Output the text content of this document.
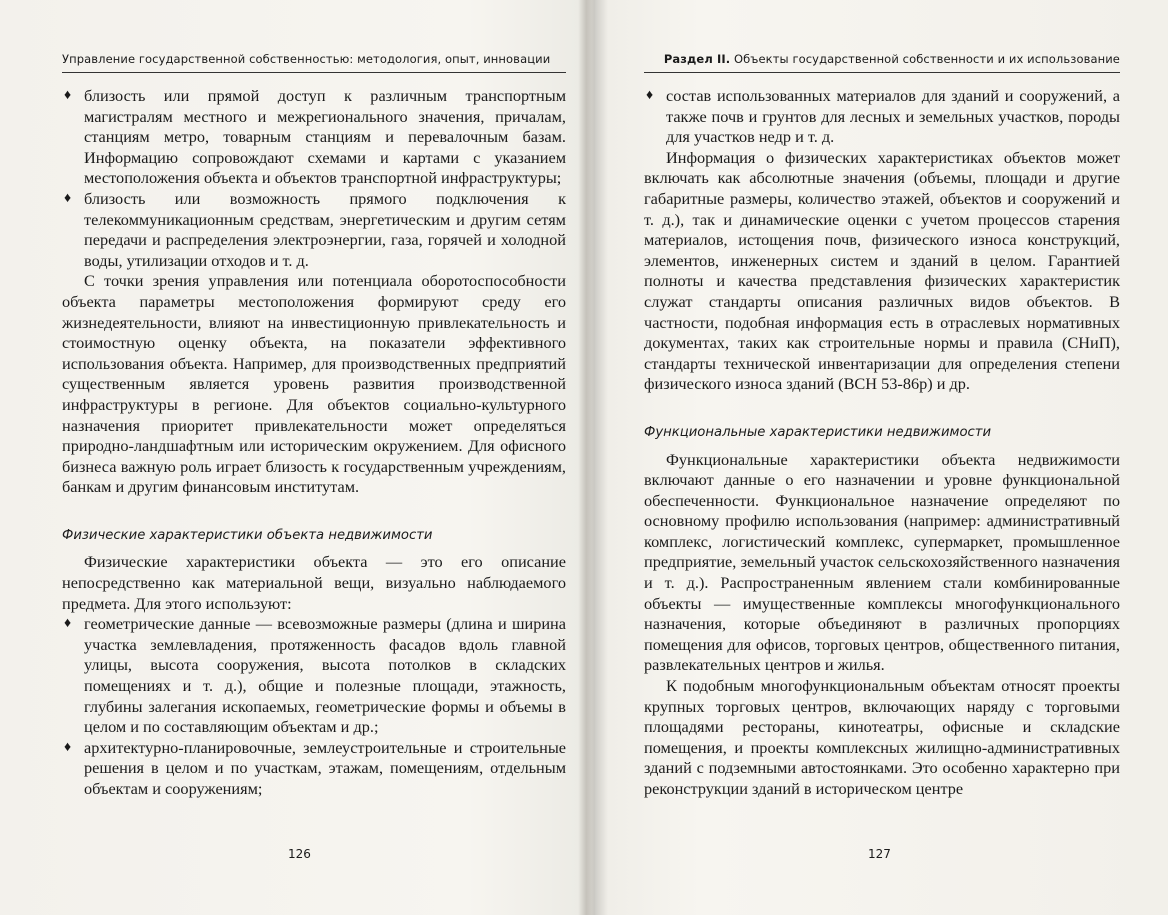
Управление государственной собственностью: методология, опыт, инновации
♦ близость или прямой доступ к различным транспортным магистралям местного и межрегионального значения, причалам, станциям метро, товарным станциям и перевалочным базам. Информацию сопровождают схемами и картами с указанием местоположения объекта и объектов транспортной инфраструктуры;
♦ близость или возможность прямого подключения к телекоммуникационным средствам, энергетическим и другим сетям передачи и распределения электроэнергии, газа, горячей и холодной воды, утилизации отходов и т. д.

С точки зрения управления или потенциала оборотоспособности объекта параметры местоположения формируют среду его жизнедеятельности, влияют на инвестиционную привлекательность и стоимостную оценку объекта, на показатели эффективного использования объекта. Например, для производственных предприятий существенным является уровень развития производственной инфраструктуры в регионе. Для объектов социально-культурного назначения приоритет привлекательности может определяться природно-ландшафтным или историческим окружением. Для офисного бизнеса важную роль играет близость к государственным учреждениям, банкам и другим финансовым институтам.

Физические характеристики объекта недвижимости

Физические характеристики объекта — это его описание непосредственно как материальной вещи, визуально наблюдаемого предмета. Для этого используют:

♦ геометрические данные — всевозможные размеры (длина и ширина участка землевладения, протяженность фасадов вдоль главной улицы, высота сооружения, высота потолков в складских помещениях и т. д.), общие и полезные площади, этажность, глубины залегания ископаемых, геометрические формы и объемы в целом и по составляющим объектам и др.;
♦ архитектурно-планировочные, землеустроительные и строительные решения в целом и по участкам, этажам, помещениям, отдельным объектам и сооружениям;
126
Раздел II. Объекты государственной собственности и их использование
♦ состав использованных материалов для зданий и сооружений, а также почв и грунтов для лесных и земельных участков, породы для участков недр и т. д.

Информация о физических характеристиках объектов может включать как абсолютные значения (объемы, площади и другие габаритные размеры, количество этажей, объектов и сооружений и т. д.), так и динамические оценки с учетом процессов старения материалов, истощения почв, физического износа конструкций, элементов, инженерных систем и зданий в целом. Гарантией полноты и качества представления физических характеристик служат стандарты описания различных видов объектов. В частности, подобная информация есть в отраслевых нормативных документах, таких как строительные нормы и правила (СНиП), стандарты технической инвентаризации для определения степени физического износа зданий (ВСН 53-86р) и др.

Функциональные характеристики недвижимости

Функциональные характеристики объекта недвижимости включают данные о его назначении и уровне функциональной обеспеченности. Функциональное назначение определяют по основному профилю использования (например: административный комплекс, логистический комплекс, супермаркет, промышленное предприятие, земельный участок сельскохозяйственного назначения и т. д.). Распространенным явлением стали комбинированные объекты — имущественные комплексы многофункционального назначения, которые объединяют в различных пропорциях помещения для офисов, торговых центров, общественного питания, развлекательных центров и жилья.

К подобным многофункциональным объектам относят проекты крупных торговых центров, включающих наряду с торговыми площадями рестораны, кинотеатры, офисные и складские помещения, и проекты комплексных жилищно-административных зданий с подземными автостоянками. Это особенно характерно при реконструкции зданий в историческом центре

127
